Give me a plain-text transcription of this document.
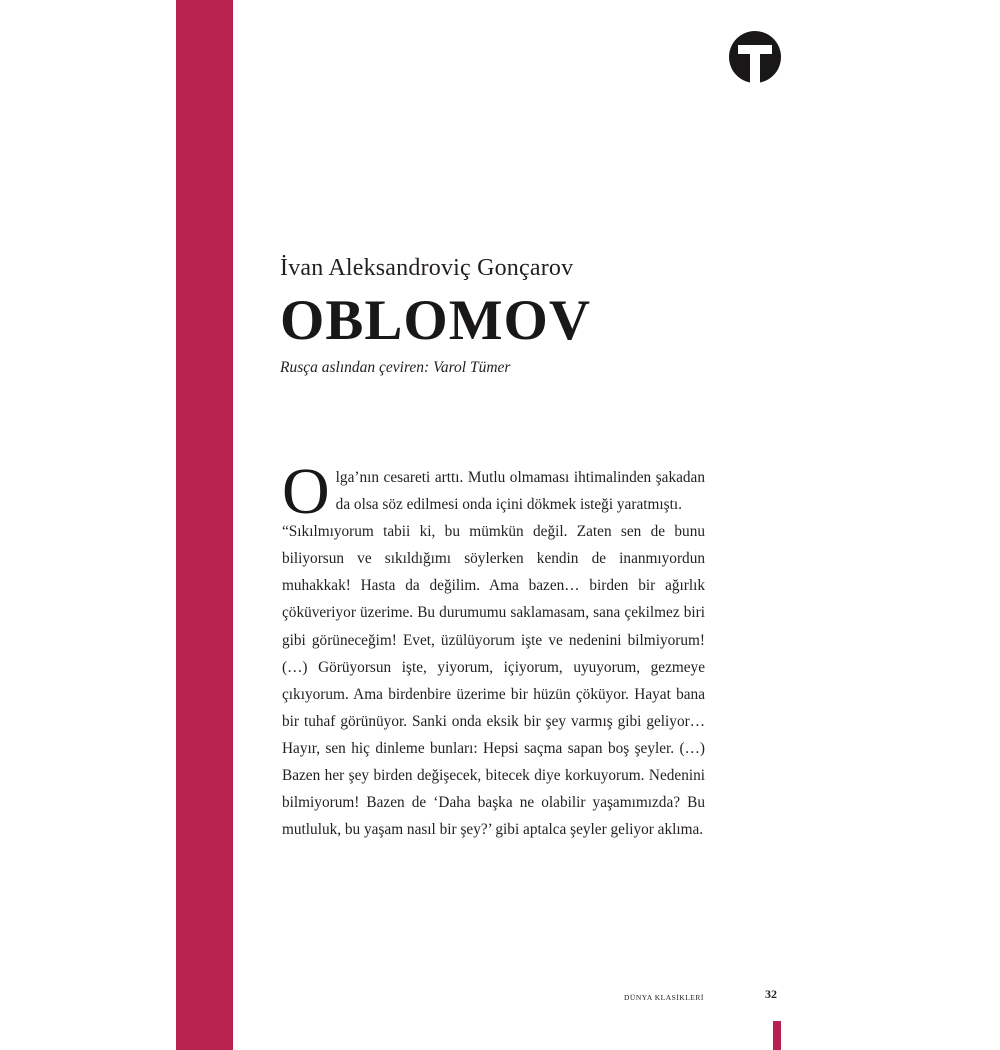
İvan Aleksandroviç Gonçarov
OBLOMOV
Rusça aslından çeviren: Varol Tümer

Olga’nın cesareti arttı. Mutlu olmaması ihtimalinden şakadan da olsa söz edilmesi onda içini dökmek isteği yaratmıştı.

“Sıkılmıyorum tabii ki, bu mümkün değil. Zaten sen de bunu biliyorsun ve sıkıldığımı söylerken kendin de inanmıyordun muhakkak! Hasta da değilim. Ama bazen… birden bir ağırlık çöküveriyor üzerime. Bu durumumu saklamasam, sana çekilmez biri gibi görüneceğim! Evet, üzülüyorum işte ve nedenini bilmiyorum! (…) Görüyorsun işte, yiyorum, içiyorum, uyuyorum, gezmeye çıkıyorum. Ama birdenbire üzerime bir hüzün çöküyor. Hayat bana bir tuhaf görünüyor. Sanki onda eksik bir şey varmış gibi geliyor… Hayır, sen hiç dinleme bunları: Hepsi saçma sapan boş şeyler. (…) Bazen her şey birden değişecek, bitecek diye korkuyorum. Nedenini bilmiyorum! Bazen de ‘Daha başka ne olabilir yaşamımızda? Bu mutluluk, bu yaşam nasıl bir şey?’ gibi aptalca şeyler geliyor aklıma.

DÜNYA KLASİKLERİ	32
